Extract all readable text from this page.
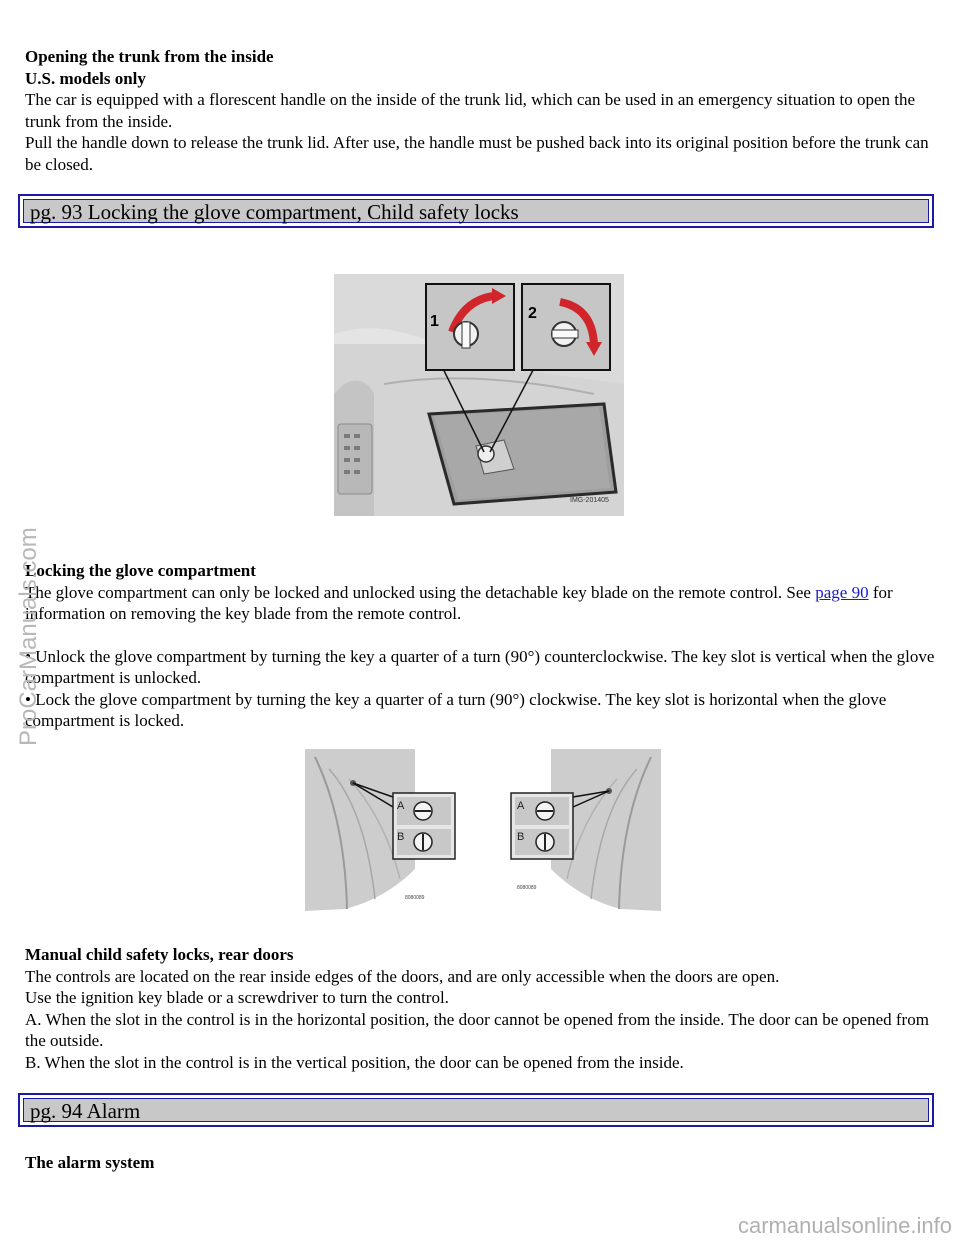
Opening the trunk from the inside

U.S. models only

The car is equipped with a florescent handle on the inside of the trunk lid, which can be used in an emergency situation to open the trunk from the inside.

Pull the handle down to release the trunk lid. After use, the handle must be pushed back into its original position before the trunk can be closed.

pg. 93 Locking the glove compartment, Child safety locks
1	2
IMG-201405

Locking the glove compartment

The glove compartment can only be locked and unlocked using the detachable key blade on the remote control. See page 90 for information on removing the key blade from the remote control.

• Unlock the glove compartment by turning the key a quarter of a turn (90°) counterclockwise. The key slot is vertical when the glove compartment is unlocked.

• Lock the glove compartment by turning the key a quarter of a turn (90°) clockwise. The key slot is horizontal when the glove compartment is locked.

A
B
8080089
A
B
8080089

Manual child safety locks, rear doors

The controls are located on the rear inside edges of the doors, and are only accessible when the doors are open.

Use the ignition key blade or a screwdriver to turn the control.

A. When the slot in the control is in the horizontal position, the door cannot be opened from the inside. The door can be opened from the outside.

B. When the slot in the control is in the vertical position, the door can be opened from the inside.

pg. 94 Alarm

The alarm system

ProCarManuals.com
carmanualsonline.info
